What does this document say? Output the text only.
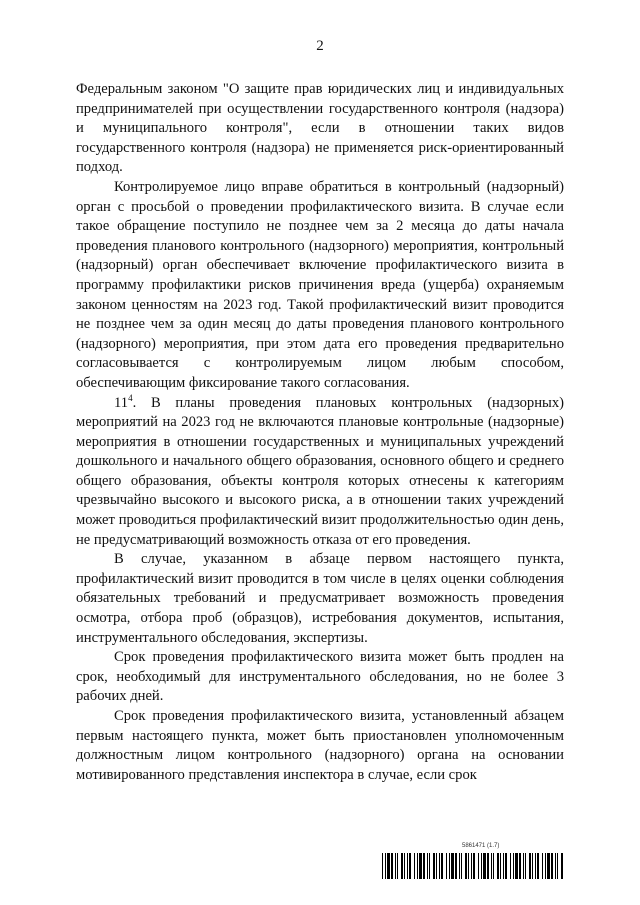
2

Федеральным законом "О защите прав юридических лиц и индивидуальных предпринимателей при осуществлении государственного контроля (надзора) и муниципального контроля", если в отношении таких видов государственного контроля (надзора) не применяется риск-ориентированный подход.

Контролируемое лицо вправе обратиться в контрольный (надзорный) орган с просьбой о проведении профилактического визита. В случае если такое обращение поступило не позднее чем за 2 месяца до даты начала проведения планового контрольного (надзорного) мероприятия, контрольный (надзорный) орган обеспечивает включение профилактического визита в программу профилактики рисков причинения вреда (ущерба) охраняемым законом ценностям на 2023 год. Такой профилактический визит проводится не позднее чем за один месяц до даты проведения планового контрольного (надзорного) мероприятия, при этом дата его проведения предварительно согласовывается с контролируемым лицом любым способом, обеспечивающим фиксирование такого согласования.

$11^4$. В планы проведения плановых контрольных (надзорных) мероприятий на 2023 год не включаются плановые контрольные (надзорные) мероприятия в отношении государственных и муниципальных учреждений дошкольного и начального общего образования, основного общего и среднего общего образования, объекты контроля которых отнесены к категориям чрезвычайно высокого и высокого риска, а в отношении таких учреждений может проводиться профилактический визит продолжительностью один день, не предусматривающий возможность отказа от его проведения.

В случае, указанном в абзаце первом настоящего пункта, профилактический визит проводится в том числе в целях оценки соблюдения обязательных требований и предусматривает возможность проведения осмотра, отбора проб (образцов), истребования документов, испытания, инструментального обследования, экспертизы.

Срок проведения профилактического визита может быть продлен на срок, необходимый для инструментального обследования, но не более 3 рабочих дней.

Срок проведения профилактического визита, установленный абзацем первым настоящего пункта, может быть приостановлен уполномоченным должностным лицом контрольного (надзорного) органа на основании мотивированного представления инспектора в случае, если срок

5861471 (1.7)
